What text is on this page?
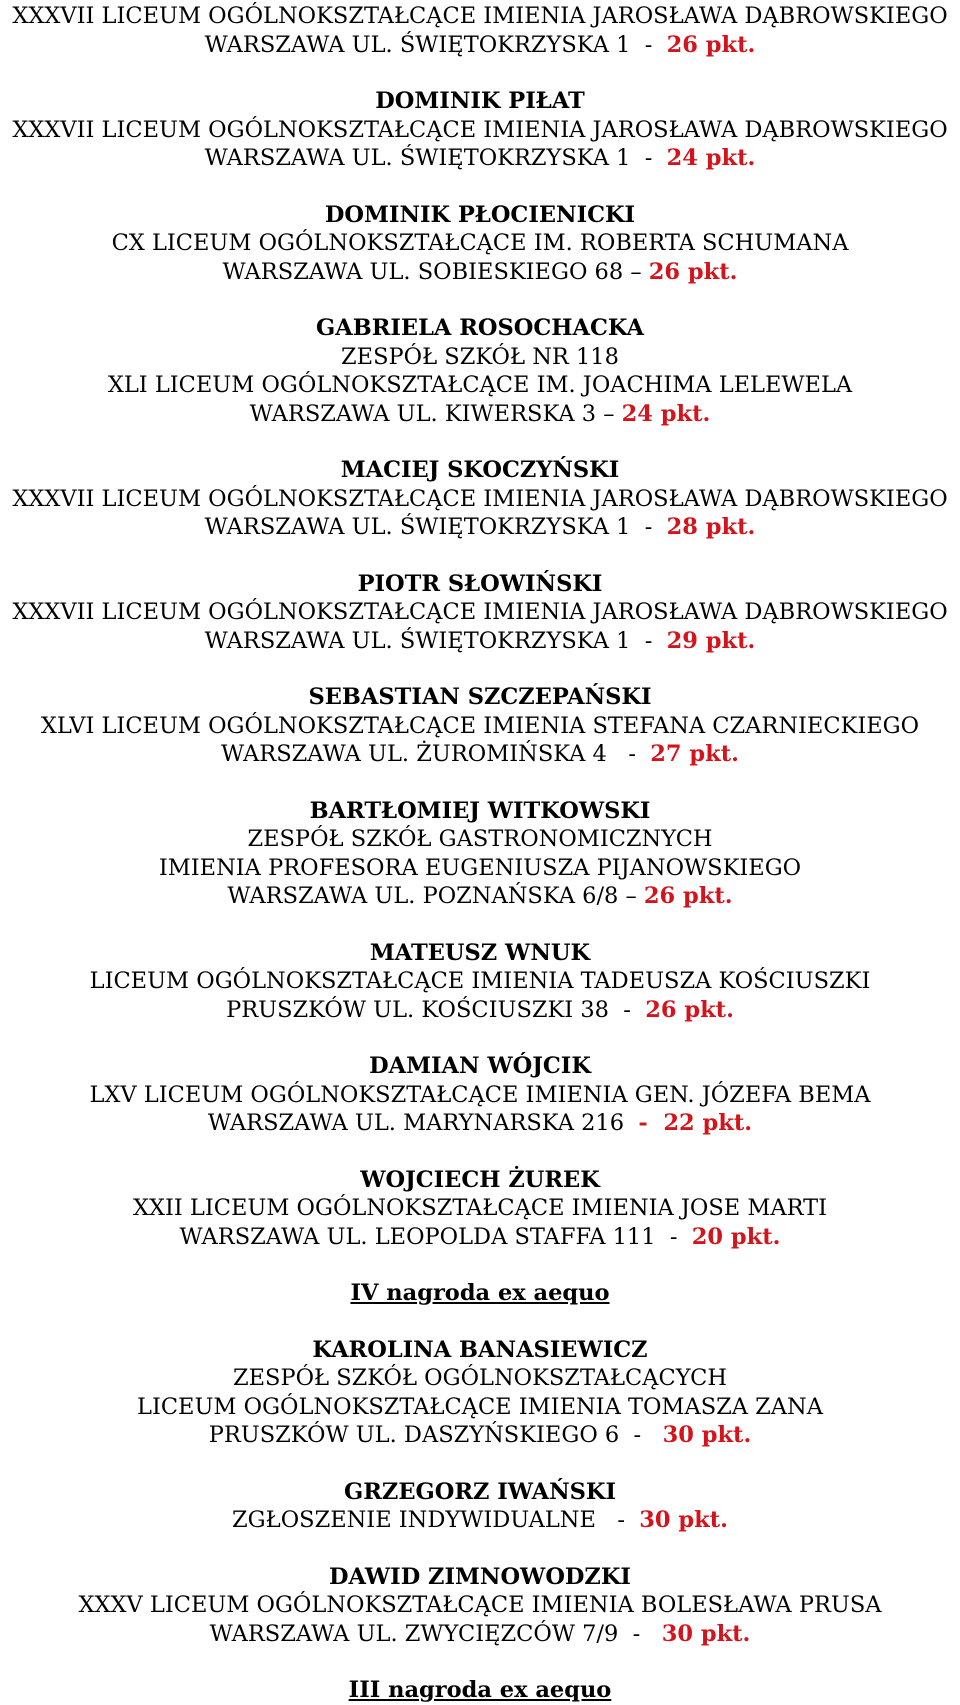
XXXVII LICEUM OGÓLNOKSZTAŁCĄCE IMIENIA JAROSŁAWA DĄBROWSKIEGO
WARSZAWA UL. ŚWIĘTOKRZYSKA 1  -  26 pkt.
DOMINIK PIŁAT
XXXVII LICEUM OGÓLNOKSZTAŁCĄCE IMIENIA JAROSŁAWA DĄBROWSKIEGO
WARSZAWA UL. ŚWIĘTOKRZYSKA 1  -  24 pkt.
DOMINIK PŁOCIENICKI
CX LICEUM OGÓLNOKSZTAŁCĄCE IM. ROBERTA SCHUMANA
WARSZAWA UL. SOBIESKIEGO 68 – 26 pkt.
GABRIELA ROSOCHACKA
ZESPÓŁ SZKÓŁ NR 118
XLI LICEUM OGÓLNOKSZTAŁCĄCE IM. JOACHIMA LELEWELA
WARSZAWA UL. KIWERSKA 3 – 24 pkt.
MACIEJ SKOCZYŃSKI
XXXVII LICEUM OGÓLNOKSZTAŁCĄCE IMIENIA JAROSŁAWA DĄBROWSKIEGO
WARSZAWA UL. ŚWIĘTOKRZYSKA 1  -  28 pkt.
PIOTR SŁOWIŃSKI
XXXVII LICEUM OGÓLNOKSZTAŁCĄCE IMIENIA JAROSŁAWA DĄBROWSKIEGO
WARSZAWA UL. ŚWIĘTOKRZYSKA 1  -  29 pkt.
SEBASTIAN SZCZEPAŃSKI
XLVI LICEUM OGÓLNOKSZTAŁCĄCE IMIENIA STEFANA CZARNIECKIEGO
WARSZAWA UL. ŻUROMIŃSKA 4   -  27 pkt.
BARTŁOMIEJ WITKOWSKI
ZESPÓŁ SZKÓŁ GASTRONOMICZNYCH
IMIENIA PROFESORA EUGENIUSZA PIJANOWSKIEGO
WARSZAWA UL. POZNAŃSKA 6/8 – 26 pkt.
MATEUSZ WNUK
LICEUM OGÓLNOKSZTAŁCĄCE IMIENIA TADEUSZA KOŚCIUSZKI
PRUSZKÓW UL. KOŚCIUSZKI 38  -  26 pkt.
DAMIAN WÓJCIK
LXV LICEUM OGÓLNOKSZTAŁCĄCE IMIENIA GEN. JÓZEFA BEMA
WARSZAWA UL. MARYNARSKA 216  -  22 pkt.
WOJCIECH ŻUREK
XXII LICEUM OGÓLNOKSZTAŁCĄCE IMIENIA JOSE MARTI
WARSZAWA UL. LEOPOLDA STAFFA 111  -  20 pkt.
IV nagroda ex aequo
KAROLINA BANASIEWICZ
ZESPÓŁ SZKÓŁ OGÓLNOKSZTAŁCĄCYCH
LICEUM OGÓLNOKSZTAŁCĄCE IMIENIA TOMASZA ZANA
PRUSZKÓW UL. DASZYŃSKIEGO 6  -   30 pkt.
GRZEGORZ IWAŃSKI
ZGŁOSZENIE INDYWIDUALNE   -  30 pkt.
DAWID ZIMNOWODZKI
XXXV LICEUM OGÓLNOKSZTAŁCĄCE IMIENIA BOLESŁAWA PRUSA
WARSZAWA UL. ZWYCIĘZCÓW 7/9  -   30 pkt.
III nagroda ex aequo
